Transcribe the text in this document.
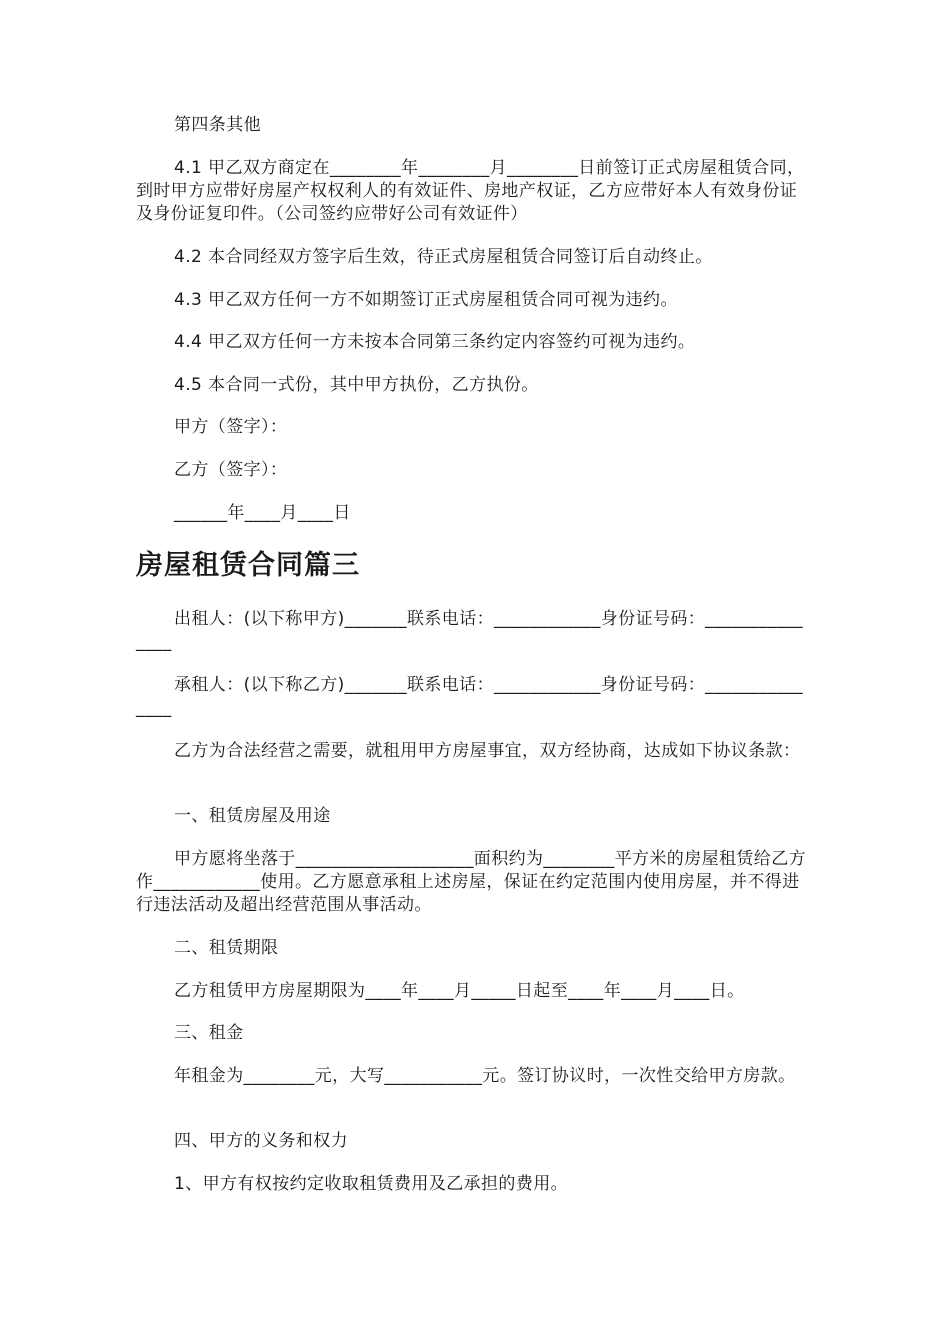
第四条其他

4.1 甲乙双方商定在________年________月________日前签订正式房屋租赁合同，到时甲方应带好房屋产权权利人的有效证件、房地产权证，乙方应带好本人有效身份证及身份证复印件。（公司签约应带好公司有效证件）

4.2 本合同经双方签字后生效，待正式房屋租赁合同签订后自动终止。

4.3 甲乙双方任何一方不如期签订正式房屋租赁合同可视为违约。

4.4 甲乙双方任何一方未按本合同第三条约定内容签约可视为违约。

4.5 本合同一式份，其中甲方执份，乙方执份。

甲方（签字）：

乙方（签字）：

______年____月____日

房屋租赁合同篇三

出租人：(以下称甲方)_______联系电话：____________身份证号码：_______________

承租人：(以下称乙方)_______联系电话：____________身份证号码：_______________

乙方为合法经营之需要，就租用甲方房屋事宜，双方经协商，达成如下协议条款：

一、租赁房屋及用途

甲方愿将坐落于____________________面积约为________平方米的房屋租赁给乙方作____________使用。乙方愿意承租上述房屋，保证在约定范围内使用房屋，并不得进行违法活动及超出经营范围从事活动。

二、租赁期限

乙方租赁甲方房屋期限为____年____月_____日起至____年____月____日。

三、租金

年租金为________元，大写___________元。签订协议时，一次性交给甲方房款。

四、甲方的义务和权力

1、甲方有权按约定收取租赁费用及乙承担的费用。
